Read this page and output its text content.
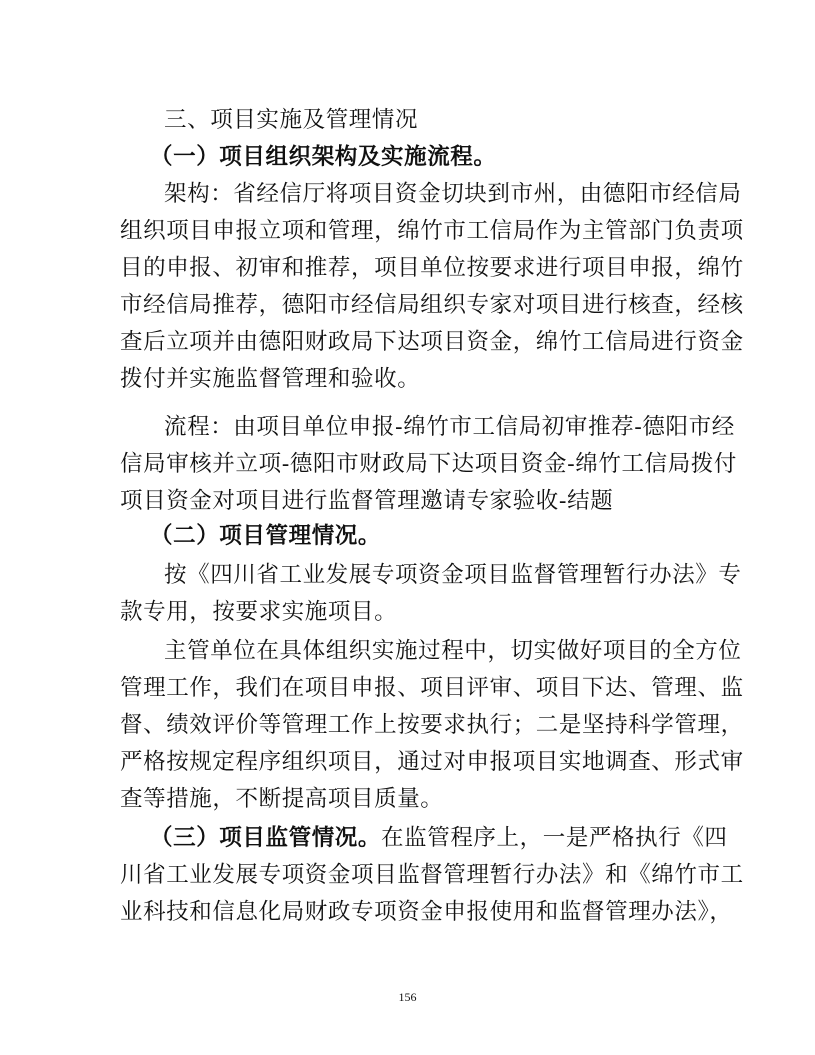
三、项目实施及管理情况
（一）项目组织架构及实施流程。
架构：省经信厅将项目资金切块到市州，由德阳市经信局
组织项目申报立项和管理，绵竹市工信局作为主管部门负责项
目的申报、初审和推荐，项目单位按要求进行项目申报，绵竹
市经信局推荐，德阳市经信局组织专家对项目进行核查，经核
查后立项并由德阳财政局下达项目资金，绵竹工信局进行资金
拨付并实施监督管理和验收。
流程：由项目单位申报-绵竹市工信局初审推荐-德阳市经
信局审核并立项-德阳市财政局下达项目资金-绵竹工信局拨付
项目资金对项目进行监督管理邀请专家验收-结题
（二）项目管理情况。
按《四川省工业发展专项资金项目监督管理暂行办法》专
款专用，按要求实施项目。
主管单位在具体组织实施过程中，切实做好项目的全方位
管理工作，我们在项目申报、项目评审、项目下达、管理、监
督、绩效评价等管理工作上按要求执行；二是坚持科学管理，
严格按规定程序组织项目，通过对申报项目实地调查、形式审
查等措施，不断提高项目质量。
（三）项目监管情况。在监管程序上，一是严格执行《四
川省工业发展专项资金项目监督管理暂行办法》和《绵竹市工
业科技和信息化局财政专项资金申报使用和监督管理办法》，
156
